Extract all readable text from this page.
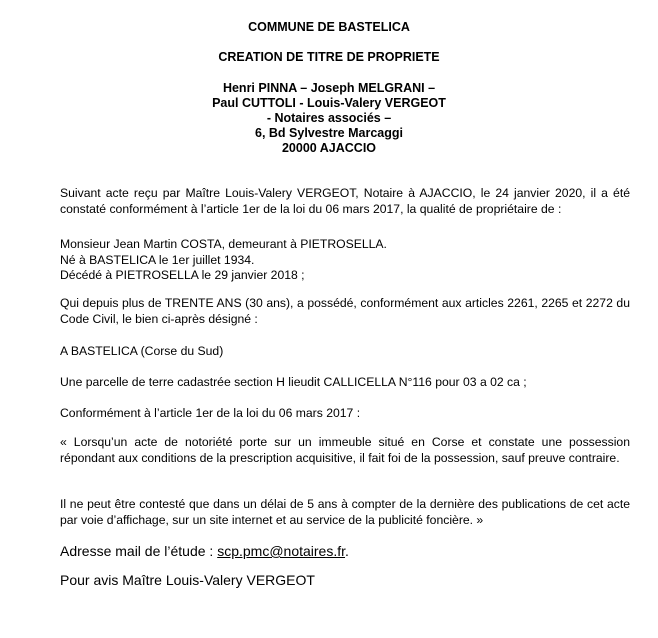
COMMUNE DE BASTELICA
CREATION DE TITRE DE PROPRIETE
Henri PINNA – Joseph MELGRANI –
Paul CUTTOLI - Louis-Valery VERGEOT
- Notaires associés –
6, Bd Sylvestre Marcaggi
20000 AJACCIO

Suivant acte reçu par Maître Louis-Valery VERGEOT, Notaire à AJACCIO, le 24 janvier 2020, il a été constaté conformément à l’article 1er de la loi du 06 mars 2017, la qualité de propriétaire de :

Monsieur Jean Martin COSTA, demeurant à PIETROSELLA.
Né à BASTELICA le 1er juillet 1934.
Décédé à PIETROSELLA le 29 janvier 2018 ;

Qui depuis plus de TRENTE ANS (30 ans), a possédé, conformément aux articles 2261, 2265 et 2272 du Code Civil, le bien ci-après désigné :

A BASTELICA (Corse du Sud)

Une parcelle de terre cadastrée section H lieudit CALLICELLA N°116 pour 03 a 02 ca ;

Conformément à l’article 1er de la loi du 06 mars 2017 :

« Lorsqu’un acte de notoriété porte sur un immeuble situé en Corse et constate une possession répondant aux conditions de la prescription acquisitive, il fait foi de la possession, sauf preuve contraire.

Il ne peut être contesté que dans un délai de 5 ans à compter de la dernière des publications de cet acte par voie d’affichage, sur un site internet et au service de la publicité foncière. »

Adresse mail de l’étude : scp.pmc@notaires.fr.
Pour avis Maître Louis-Valery VERGEOT
